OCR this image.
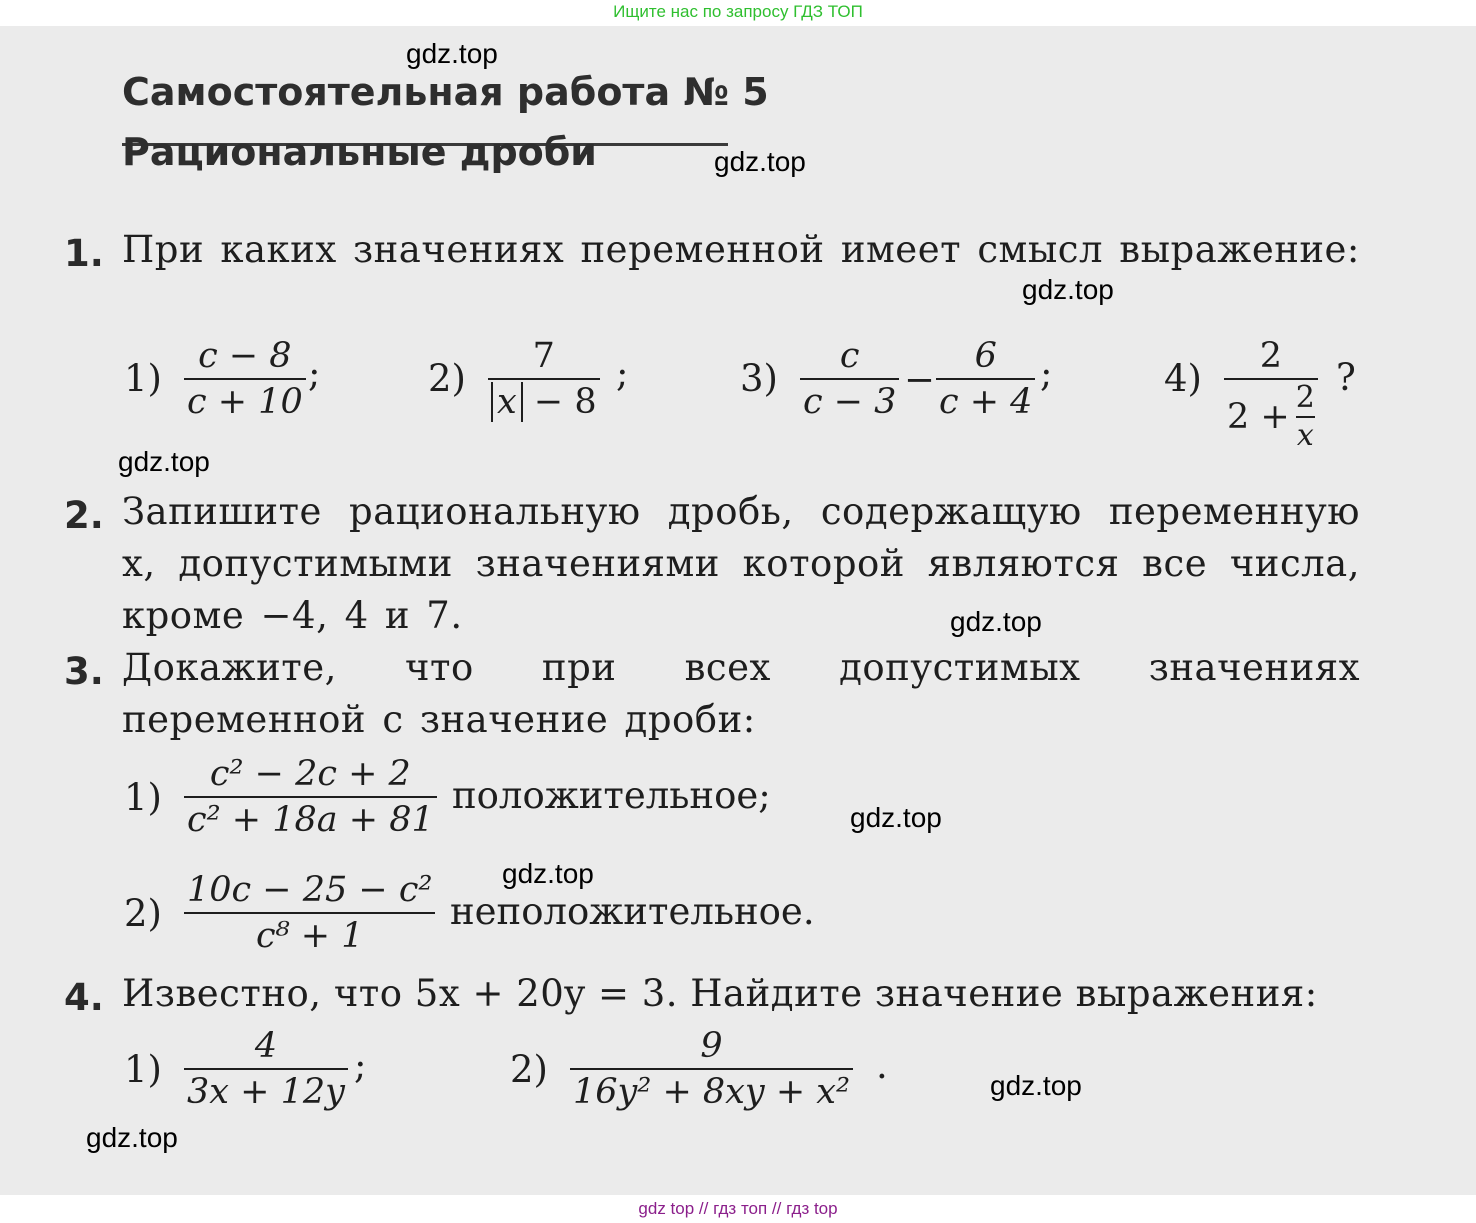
Ищите нас по запросу ГДЗ ТОП
Самостоятельная работа № 5
Рациональные дроби
1. При каких значениях переменной имеет смысл выражение:
1)
c − 8
c + 10
;	2)
7
x − 8
;	3)
c
c − 3
−
6
c + 4
;	4)
2
2 + 2
x
?
2. Запишите рациональную дробь, содержащую переменную x, допустимыми значениями которой являются все числа, кроме −4, 4 и 7.
3. Докажите, что при всех допустимых значениях переменной c значение дроби:
1)
c² − 2c + 2
c² + 18a + 81
положительное;
2)
10c − 25 − c²
c⁸ + 1
неположительное.
4. Известно, что 5x + 20y = 3. Найдите значение выражения:
1)
4
3x + 12y
;	2)
9
16y² + 8xy + x²
.
gdz.top
gdz.top
gdz.top
gdz.top
gdz.top
gdz.top
gdz.top
gdz.top
gdz.top
gdz top // гдз топ // гдз top
